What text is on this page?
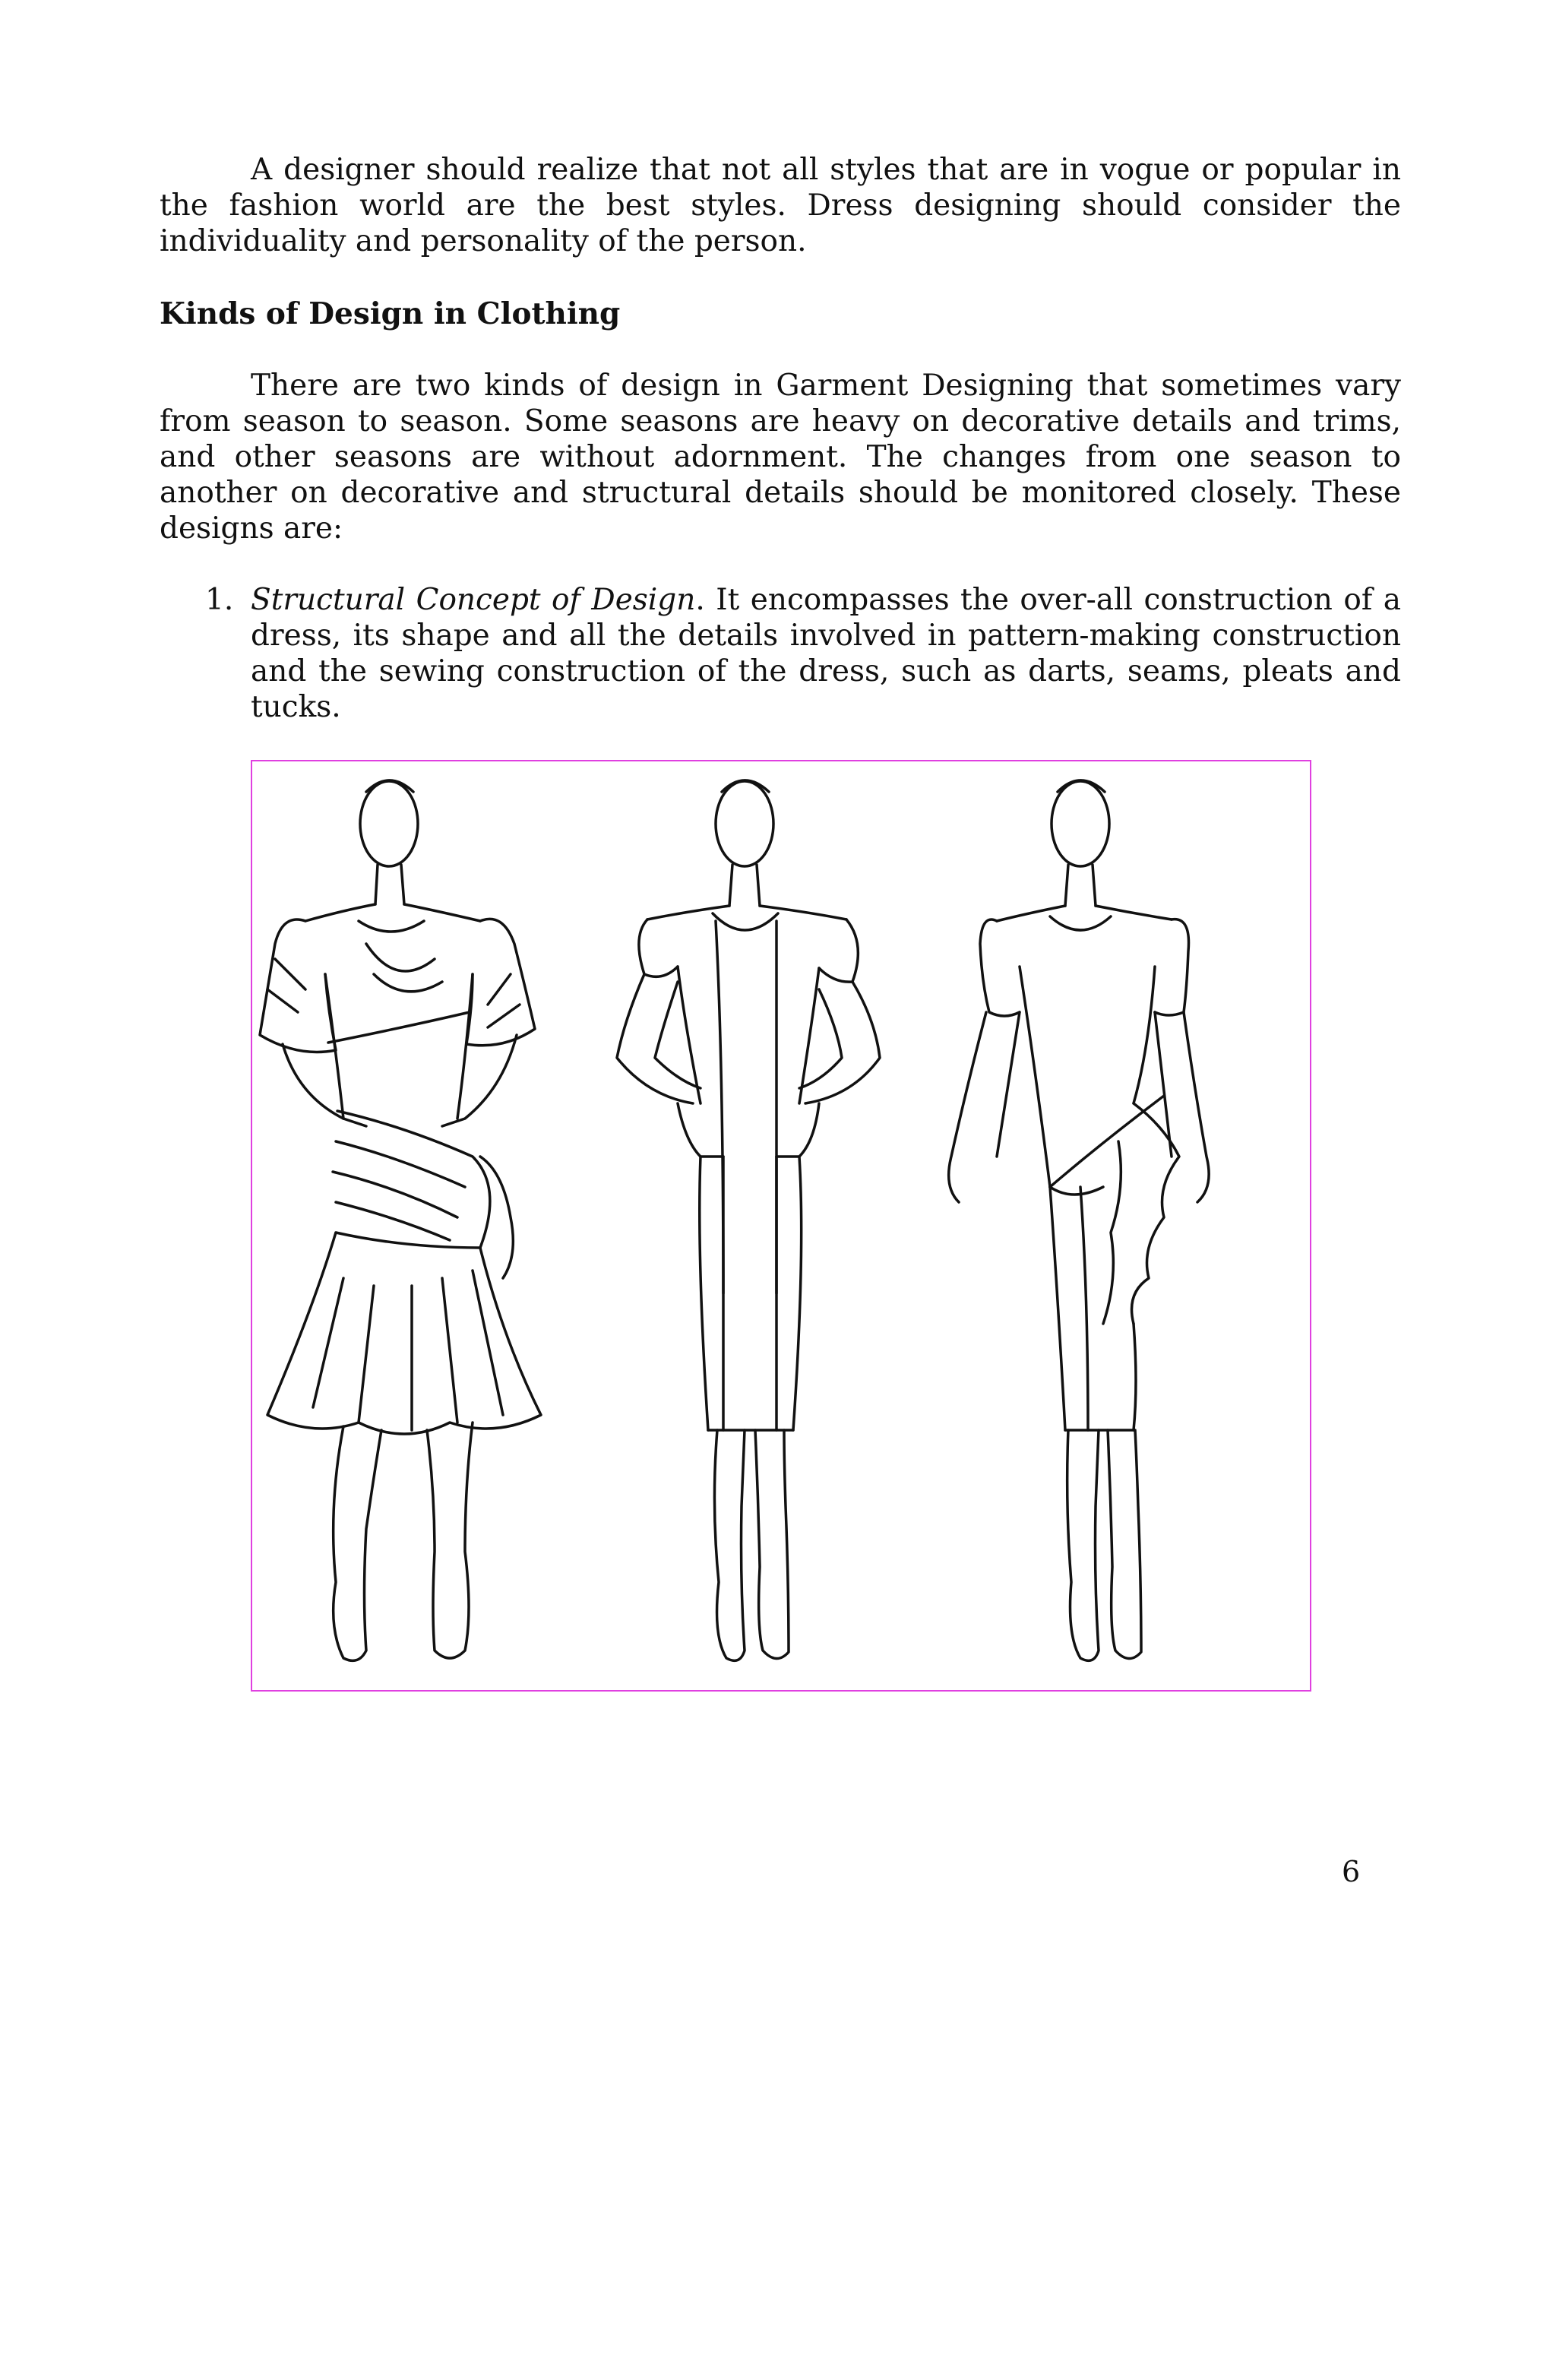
A designer should realize that not all styles that are in vogue or popular in the fashion world are the best styles. Dress designing should consider the individuality and personality of the person.

Kinds of Design in Clothing

There are two kinds of design in Garment Designing that sometimes vary from season to season. Some seasons are heavy on decorative details and trims, and other seasons are without adornment. The changes from one season to another on decorative and structural details should be monitored closely. These designs are:

1. Structural Concept of Design. It encompasses the over-all construction of a dress, its shape and all the details involved in pattern-making construction and the sewing construction of the dress, such as darts, seams, pleats and tucks.

6
